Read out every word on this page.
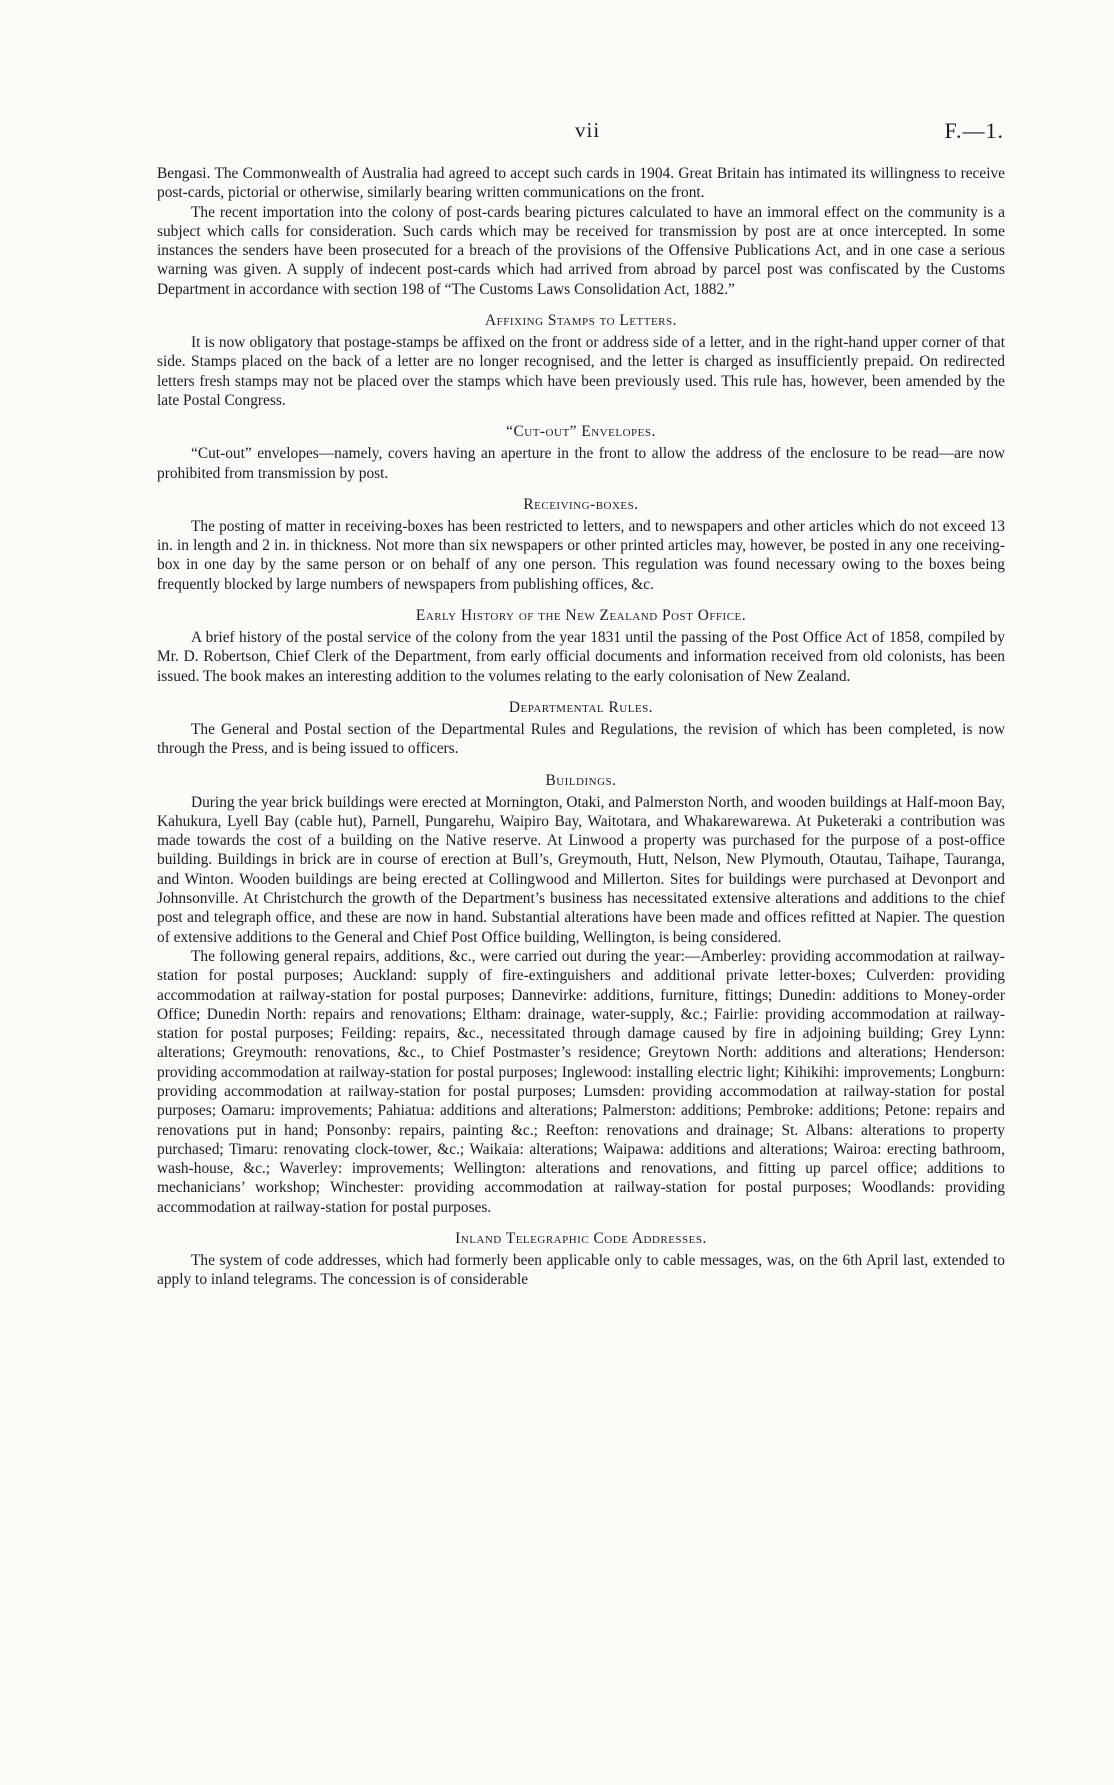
vii	F.—1.

Bengasi. The Commonwealth of Australia had agreed to accept such cards in 1904. Great Britain has intimated its willingness to receive post-cards, pictorial or otherwise, similarly bearing written communications on the front.

The recent importation into the colony of post-cards bearing pictures calculated to have an immoral effect on the community is a subject which calls for consideration. Such cards which may be received for transmission by post are at once intercepted. In some instances the senders have been prosecuted for a breach of the provisions of the Offensive Publications Act, and in one case a serious warning was given. A supply of indecent post-cards which had arrived from abroad by parcel post was confiscated by the Customs Department in accordance with section 198 of “The Customs Laws Consolidation Act, 1882.”

Affixing Stamps to Letters.

It is now obligatory that postage-stamps be affixed on the front or address side of a letter, and in the right-hand upper corner of that side. Stamps placed on the back of a letter are no longer recognised, and the letter is charged as insufficiently prepaid. On redirected letters fresh stamps may not be placed over the stamps which have been previously used. This rule has, however, been amended by the late Postal Congress.

“Cut-out” Envelopes.

“Cut-out” envelopes—namely, covers having an aperture in the front to allow the address of the enclosure to be read—are now prohibited from transmission by post.

Receiving-boxes.

The posting of matter in receiving-boxes has been restricted to letters, and to newspapers and other articles which do not exceed 13 in. in length and 2 in. in thickness. Not more than six newspapers or other printed articles may, however, be posted in any one receiving-box in one day by the same person or on behalf of any one person. This regulation was found necessary owing to the boxes being frequently blocked by large numbers of newspapers from publishing offices, &c.

Early History of the New Zealand Post Office.

A brief history of the postal service of the colony from the year 1831 until the passing of the Post Office Act of 1858, compiled by Mr. D. Robertson, Chief Clerk of the Department, from early official documents and information received from old colonists, has been issued. The book makes an interesting addition to the volumes relating to the early colonisation of New Zealand.

Departmental Rules.

The General and Postal section of the Departmental Rules and Regulations, the revision of which has been completed, is now through the Press, and is being issued to officers.

Buildings.

During the year brick buildings were erected at Mornington, Otaki, and Palmerston North, and wooden buildings at Half-moon Bay, Kahukura, Lyell Bay (cable hut), Parnell, Pungarehu, Waipiro Bay, Waitotara, and Whakarewarewa. At Puketeraki a contribution was made towards the cost of a building on the Native reserve. At Linwood a property was purchased for the purpose of a post-office building. Buildings in brick are in course of erection at Bull’s, Greymouth, Hutt, Nelson, New Plymouth, Otautau, Taihape, Tauranga, and Winton. Wooden buildings are being erected at Collingwood and Millerton. Sites for buildings were purchased at Devonport and Johnsonville. At Christchurch the growth of the Department’s business has necessitated extensive alterations and additions to the chief post and telegraph office, and these are now in hand. Substantial alterations have been made and offices refitted at Napier. The question of extensive additions to the General and Chief Post Office building, Wellington, is being considered.

The following general repairs, additions, &c., were carried out during the year:—Amberley: providing accommodation at railway-station for postal purposes; Auckland: supply of fire-extinguishers and additional private letter-boxes; Culverden: providing accommodation at railway-station for postal purposes; Dannevirke: additions, furniture, fittings; Dunedin: additions to Money-order Office; Dunedin North: repairs and renovations; Eltham: drainage, water-supply, &c.; Fairlie: providing accommodation at railway-station for postal purposes; Feilding: repairs, &c., necessitated through damage caused by fire in adjoining building; Grey Lynn: alterations; Greymouth: renovations, &c., to Chief Postmaster’s residence; Greytown North: additions and alterations; Henderson: providing accommodation at railway-station for postal purposes; Inglewood: installing electric light; Kihikihi: improvements; Longburn: providing accommodation at railway-station for postal purposes; Lumsden: providing accommodation at railway-station for postal purposes; Oamaru: improvements; Pahiatua: additions and alterations; Palmerston: additions; Pembroke: additions; Petone: repairs and renovations put in hand; Ponsonby: repairs, painting &c.; Reefton: renovations and drainage; St. Albans: alterations to property purchased; Timaru: renovating clock-tower, &c.; Waikaia: alterations; Waipawa: additions and alterations; Wairoa: erecting bathroom, wash-house, &c.; Waverley: improvements; Wellington: alterations and renovations, and fitting up parcel office; additions to mechanicians’ workshop; Winchester: providing accommodation at railway-station for postal purposes; Woodlands: providing accommodation at railway-station for postal purposes.

Inland Telegraphic Code Addresses.

The system of code addresses, which had formerly been applicable only to cable messages, was, on the 6th April last, extended to apply to inland telegrams. The concession is of considerable
